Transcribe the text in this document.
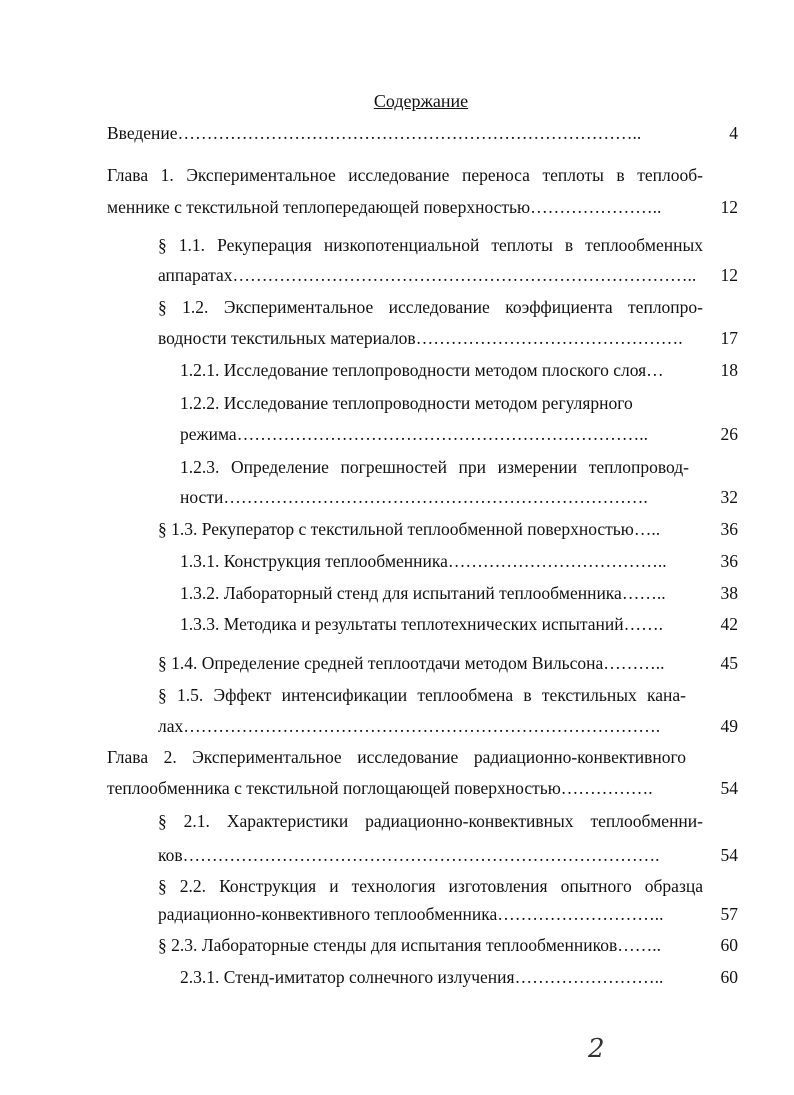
Содержание
Введение……………………………………………………………………..	4
Глава 1. Экспериментальное исследование переноса теплоты в теплооб-
меннике с текстильной теплопередающей поверхностью…………………..	12
§ 1.1. Рекуперация низкопотенциальной теплоты в теплообменных
аппаратах…………………………………………………………………….. 12
§ 1.2. Экспериментальное исследование коэффициента теплопро-
водности текстильных материалов……………………………………….	17
1.2.1. Исследование теплопроводности методом плоского слоя…	18
1.2.2. Исследование теплопроводности методом регулярного
режима……………………………………………………………..	26
1.2.3. Определение погрешностей при измерении теплопровод-
ности……………………………………………………………….	32
§ 1.3. Рекуператор с текстильной теплообменной поверхностью…..	36
1.3.1. Конструкция теплообменника………………………………..	36
1.3.2. Лабораторный стенд для испытаний теплообменника……..	38
1.3.3. Методика и результаты теплотехнических испытаний…….	42
§ 1.4. Определение средней теплоотдачи методом Вильсона………..	45
§ 1.5. Эффект интенсификации теплообмена в текстильных кана-
лах……………………………………………………………………….	49
Глава 2. Экспериментальное исследование радиационно-конвективного
теплообменника с текстильной поглощающей поверхностью…………….	54
§ 2.1. Характеристики радиационно-конвективных теплообменни-
ков……………………………………………………………………….	54
§ 2.2. Конструкция и технология изготовления опытного образца
радиационно-конвективного теплообменника………………………..	57
§ 2.3. Лабораторные стенды для испытания теплообменников……..	60
2.3.1. Стенд-имитатор солнечного излучения……………………..	60
2
